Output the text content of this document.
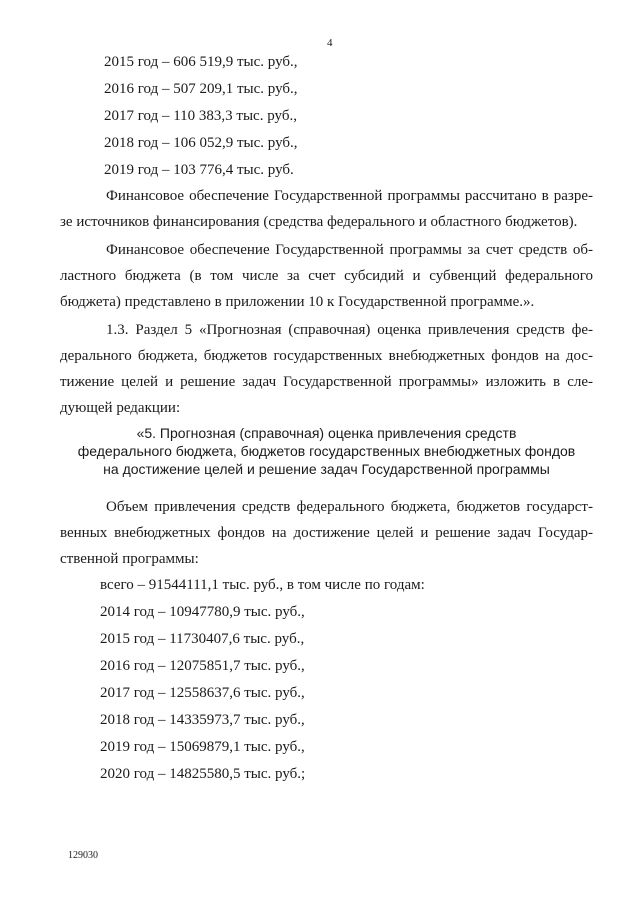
4
2015 год – 606 519,9 тыс. руб.,
2016 год – 507 209,1 тыс. руб.,
2017 год – 110 383,3 тыс. руб.,
2018 год – 106 052,9 тыс. руб.,
2019 год – 103 776,4 тыс. руб.
Финансовое обеспечение Государственной программы рассчитано в разре-
зе источников финансирования (средства федерального и областного бюджетов).
Финансовое обеспечение Государственной программы за счет средств об-
ластного бюджета (в том числе за счет субсидий и субвенций федерального
бюджета) представлено в приложении 10 к Государственной программе.».
1.3. Раздел 5 «Прогнозная (справочная) оценка привлечения средств фе-
дерального бюджета, бюджетов государственных внебюджетных фондов на дос-
тижение целей и решение задач Государственной программы» изложить в сле-
дующей редакции:
«5. Прогнозная (справочная) оценка привлечения средств
федерального бюджета, бюджетов государственных внебюджетных фондов
на достижение целей и решение задач Государственной программы
Объем привлечения средств федерального бюджета, бюджетов государст-
венных внебюджетных фондов на достижение целей и решение задач Государ-
ственной программы:
всего – 91544111,1 тыс. руб., в том числе по годам:
2014 год – 10947780,9 тыс. руб.,
2015 год – 11730407,6 тыс. руб.,
2016 год – 12075851,7 тыс. руб.,
2017 год – 12558637,6 тыс. руб.,
2018 год – 14335973,7 тыс. руб.,
2019 год – 15069879,1 тыс. руб.,
2020 год – 14825580,5 тыс. руб.;
129030
